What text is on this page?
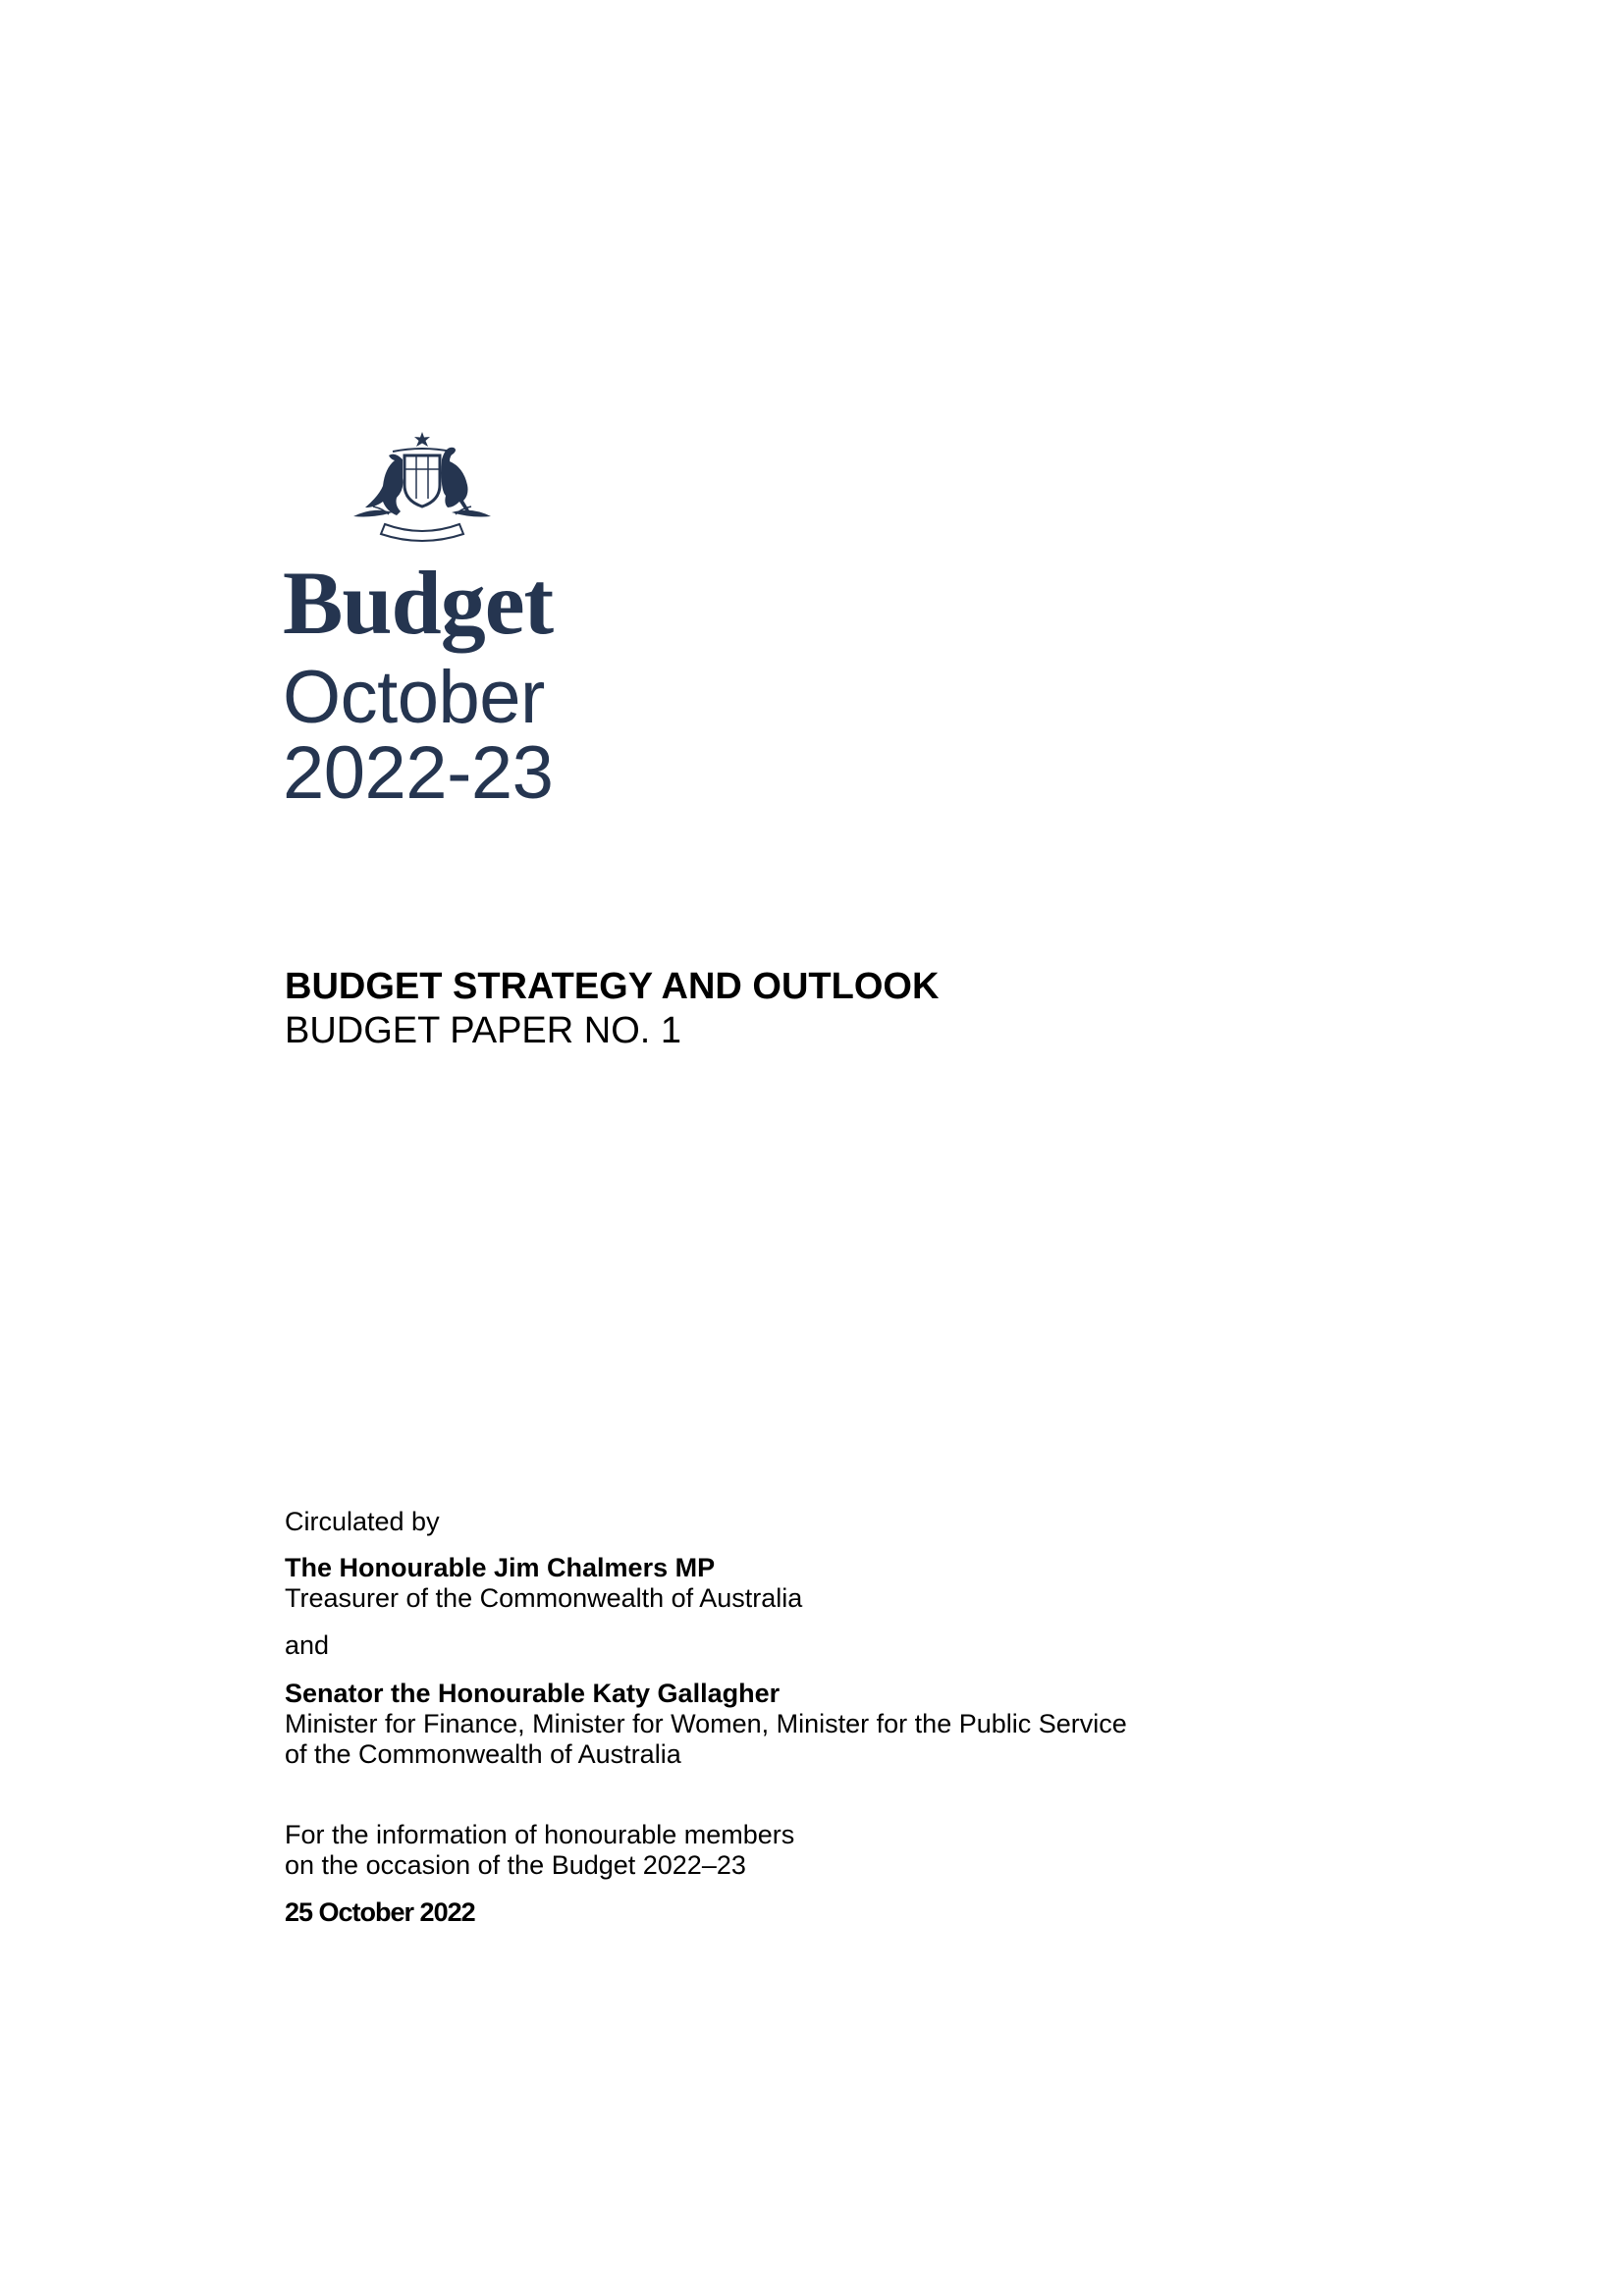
Budget
October
2022-23
BUDGET STRATEGY AND OUTLOOK
BUDGET PAPER NO. 1
Circulated by
The Honourable Jim Chalmers MP
Treasurer of the Commonwealth of Australia
and
Senator the Honourable Katy Gallagher
Minister for Finance, Minister for Women, Minister for the Public Service
of the Commonwealth of Australia
For the information of honourable members
on the occasion of the Budget 2022–23
25 October 2022
